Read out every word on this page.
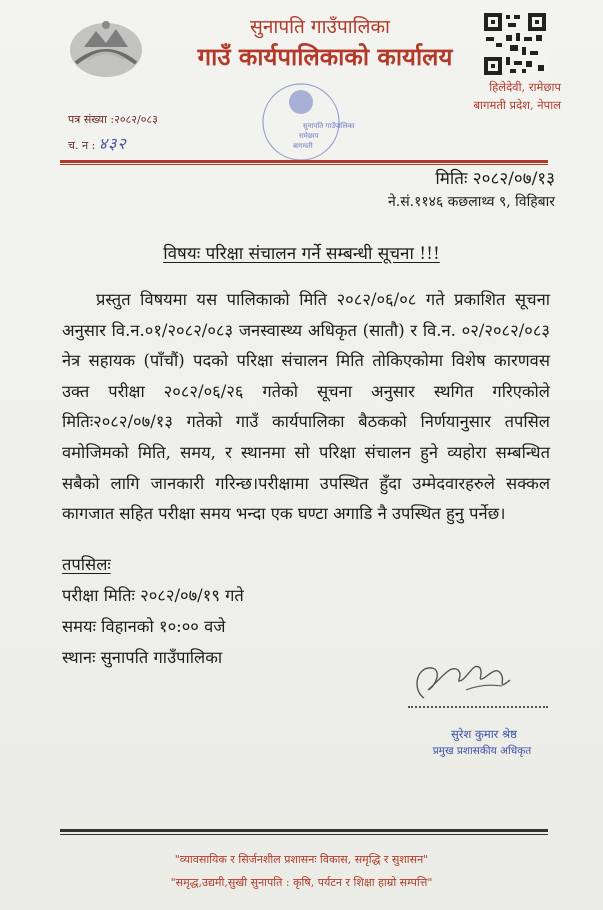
सुनापति गाउँपालिका
गाउँ कार्यपालिकाको कार्यालय
हिलेदेवी, रामेछाप
बागमती प्रदेश, नेपाल
सुनापति गाउँपालिका
रामेछाप
बागमती
पत्र संख्या :२०८२/०८३
च. न : ४३२
मितिः २०८२/०७/१३
ने.सं.११४६ कछलाथ्व ९, विहिबार
विषयः परिक्षा संचालन गर्ने सम्बन्धी सूचना !!!
प्रस्तुत विषयमा यस पालिकाको मिति २०८२/०६/०८ गते प्रकाशित सूचना अनुसार वि.न.०१/२०८२/०८३ जनस्वास्थ्य अधिकृत (सातौ) र वि.न. ०२/२०८२/०८३ नेत्र सहायक (पाँचौं) पदको परिक्षा संचालन मिति तोकिएकोमा विशेष कारणवस उक्त परीक्षा २०८२/०६/२६ गतेको सूचना अनुसार स्थगित गरिएकोले मितिः२०८२/०७/१३ गतेको गाउँ कार्यपालिका बैठकको निर्णयानुसार तपसिल वमोजिमको मिति, समय, र स्थानमा सो परिक्षा संचालन हुने व्यहोरा सम्बन्धित सबैको लागि जानकारी गरिन्छ।परीक्षामा उपस्थित हुँदा उम्मेदवारहरुले सक्कल कागजात सहित परीक्षा समय भन्दा एक घण्टा अगाडि नै उपस्थित हुनु पर्नेछ।
तपसिलः
परीक्षा मितिः २०८२/०७/१९ गते
समयः विहानको १०:०० वजे
स्थानः सुनापति गाउँपालिका
सुरेश कुमार श्रेष्ठ
प्रमुख प्रशासकीय अधिकृत
"व्यावसायिक र सिर्जनशील प्रशासनः विकास, समृद्धि र सुशासन"
"समृद्ध,उद्यमी,सुखी सुनापति : कृषि, पर्यटन र शिक्षा हाम्रो सम्पत्ति"
